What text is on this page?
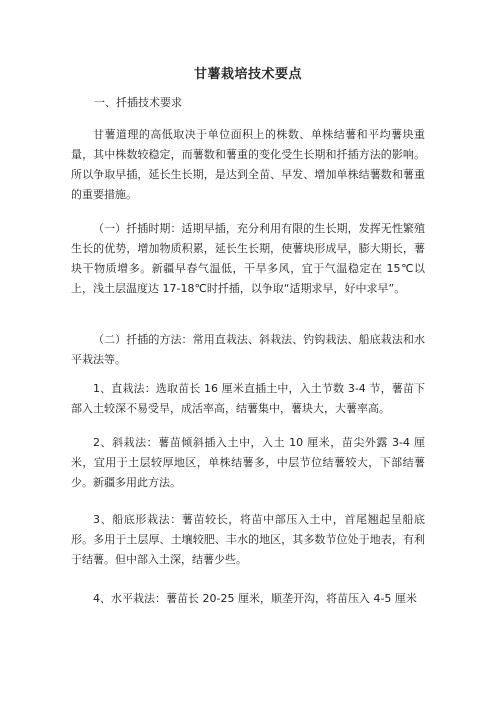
甘薯栽培技术要点
一、扦插技术要求

甘薯道理的高低取决于单位面积上的株数、单株结薯和平均薯块重量，其中株数较稳定，而薯数和薯重的变化受生长期和扦插方法的影响。所以争取早插，延长生长期，是达到全苗、早发、增加单株结薯数和薯重的重要措施。

（一）扦插时期：适期早插，充分利用有限的生长期，发挥无性繁殖生长的优势，增加物质积累，延长生长期，使薯块形成早，膨大期长，薯块干物质增多。新疆早春气温低，干旱多风，宜于气温稳定在 15℃以上，浅土层温度达 17-18℃时扦插，以争取“适期求早，好中求早”。

（二）扦插的方法：常用直栽法、斜栽法、钓钩栽法、船底栽法和水平栽法等。

1、直栽法：选取苗长 16 厘米直插土中，入土节数 3-4 节，薯苗下部入土较深不易受旱，成活率高，结薯集中，薯块大，大薯率高。

2、斜栽法：薯苗倾斜插入土中，入土 10 厘米，苗尖外露 3-4 厘米，宜用于土层较厚地区，单株结薯多，中层节位结薯较大，下部结薯少。新疆多用此方法。

3、船底形栽法：薯苗较长，将苗中部压入土中，首尾翘起呈船底形。多用于土层厚、土壤较肥、丰水的地区，其多数节位处于地表，有利于结薯。但中部入土深，结薯少些。

4、水平栽法：薯苗长 20-25 厘米，顺垄开沟，将苗压入 4-5 厘米
